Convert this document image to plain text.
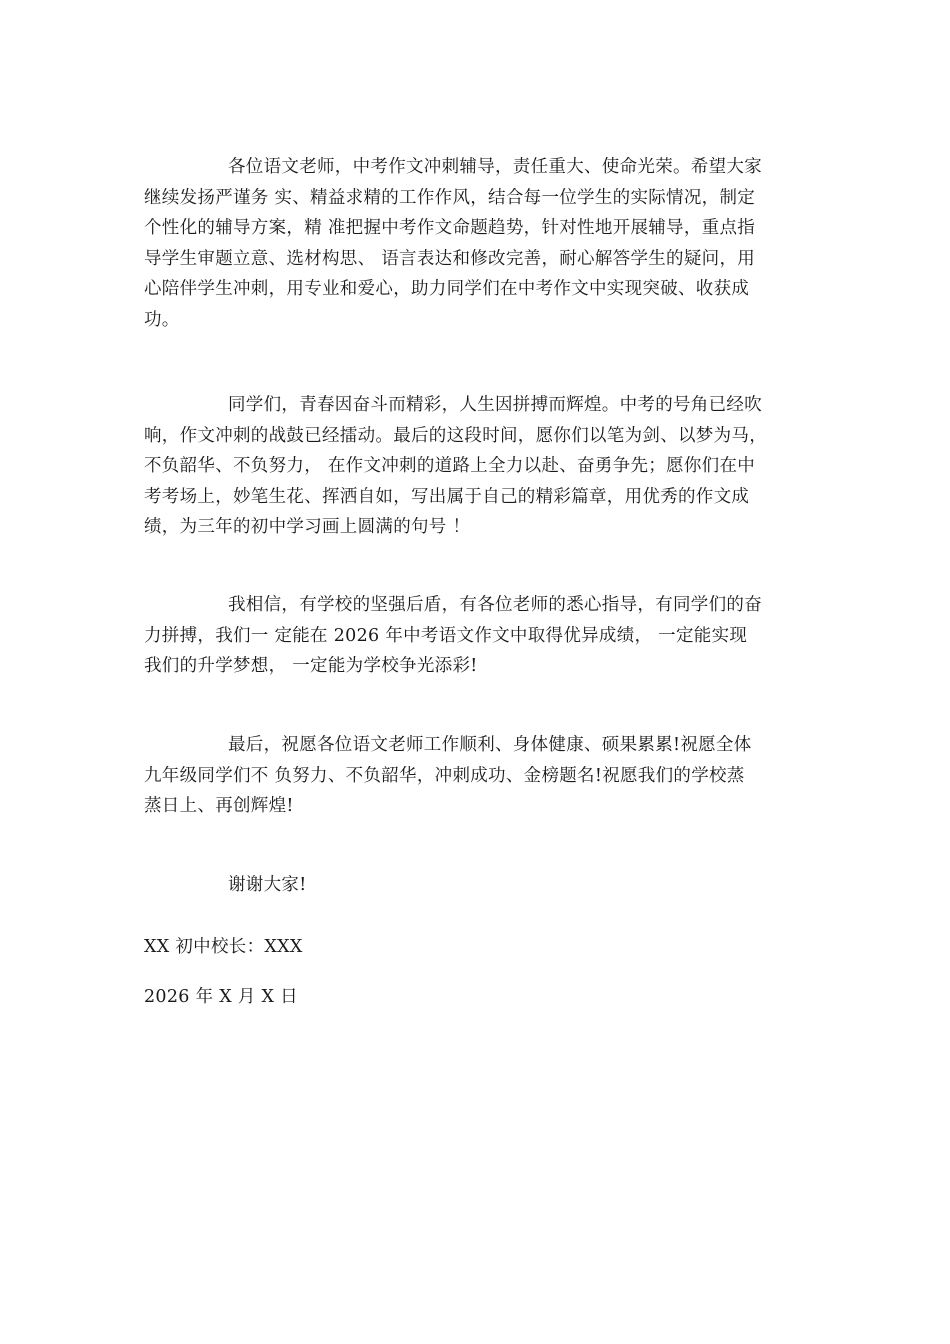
各位语文老师，中考作文冲刺辅导，责任重大、使命光荣。希望大家
继续发扬严谨务 实、精益求精的工作作风，结合每一位学生的实际情况，制定
个性化的辅导方案，精 准把握中考作文命题趋势，针对性地开展辅导，重点指
导学生审题立意、选材构思、 语言表达和修改完善，耐心解答学生的疑问，用
心陪伴学生冲刺，用专业和爱心，助力同学们在中考作文中实现突破、收获成
功。
同学们，青春因奋斗而精彩，人生因拼搏而辉煌。中考的号角已经吹
响，作文冲刺的战鼓已经擂动。最后的这段时间，愿你们以笔为剑、以梦为马，
不负韶华、不负努力， 在作文冲刺的道路上全力以赴、奋勇争先；愿你们在中
考考场上，妙笔生花、挥洒自如，写出属于自己的精彩篇章，用优秀的作文成
绩，为三年的初中学习画上圆满的句号 ！
我相信，有学校的坚强后盾，有各位老师的悉心指导，有同学们的奋
力拼搏，我们一 定能在 2026 年中考语文作文中取得优异成绩， 一定能实现
我们的升学梦想， 一定能为学校争光添彩!
最后，祝愿各位语文老师工作顺利、身体健康、硕果累累!祝愿全体
九年级同学们不 负努力、不负韶华，冲刺成功、金榜题名!祝愿我们的学校蒸
蒸日上、再创辉煌!
谢谢大家!
XX 初中校长：XXX
2026 年 X 月 X 日
